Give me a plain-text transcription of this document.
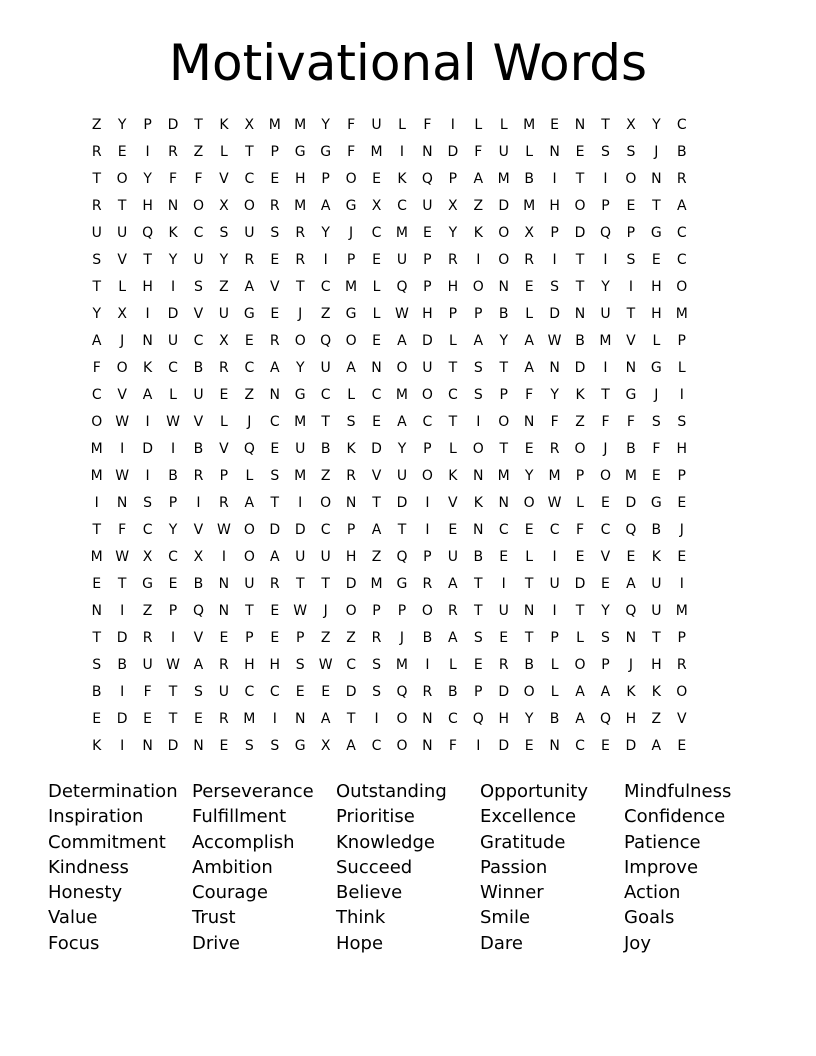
Motivational Words
Z	Y	P	D	T	K	X	M M	Y	F	U	L	F	I	L	L	M	E	N	T	X	Y	C
R	E	I	R	Z	L	T	P	G	G	F	M	I	N	D	F	U	L	N	E	S	S	J	B
T	O	Y	F	F	V	C	E	H	P	O	E	K	Q	P	A	M	B	I	T	I	O	N	R
R	T	H	N	O	X	O	R	M	A	G	X	C	U	X	Z	D	M	H	O	P	E	T	A
U	U	Q	K	C	S	U	S	R	Y	J	C	M	E	Y	K	O	X	P	D	Q	P	G	C
S	V	T	Y	U	Y	R	E	R	I	P	E	U	P	R	I	O	R	I	T	I	S	E	C
T	L	H	I	S	Z	A	V	T	C	M	L	Q	P	H	O	N	E	S	T	Y	I	H	O
Y	X	I	D	V	U	G	E	J	Z	G	L	W H	P	P	B	L	D	N	U	T	H	M
A	J	N	U	C	X	E	R	O	Q	O	E	A	D	L	A	Y	A W B	M	V	L	P
F	O	K	C	B	R	C	A	Y	U	A	N	O	U	T	S	T	A	N	D	I	N	G	L
C	V	A	L	U	E	Z	N	G	C	L	C	M O	C	S	P	F	Y	K	T	G	J	I
O W	I	W V	L	J	C	M	T	S	E	A	C	T	I	O	N	F	Z	F	F	S	S
M	I	D	I	B	V	Q	E	U	B	K	D	Y	P	L	O	T	E	R	O	J	B	F	H
M W	I	B	R	P	L	S	M	Z	R	V	U	O	K	N	M	Y	M	P	O M	E	P
I	N	S	P	I	R	A	T	I	O	N	T	D	I	V	K	N	O W	L	E	D	G	E
T	F	C	Y	V W O	D	D	C	P	A	T	I	E	N	C	E	C	F	C	Q	B	J
M W X	C	X	I	O	A	U	U	H	Z	Q	P	U	B	E	L	I	E	V	E	K	E
E	T	G	E	B	N	U	R	T	T	D	M G	R	A	T	I	T	U	D	E	A	U	I
N	I	Z	P	Q	N	T	E	W	J	O	P	P	O	R	T	U	N	I	T	Y	Q	U	M
T	D	R	I	V	E	P	E	P	Z	Z	R	J	B	A	S	E	T	P	L	S	N	T	P
S	B	U W A	R	H	H	S	W C	S	M	I	L	E	R	B	L	O	P	J	H	R
B	I	F	T	S	U	C	C	E	E	D	S	Q	R	B	P	D	O	L	A	A	K	K	O
E	D	E	T	E	R	M	I	N	A	T	I	O	N	C	Q	H	Y	B	A	Q	H	Z	V
K	I	N	D	N	E	S	S	G	X	A	C	O	N	F	I	D	E	N	C	E	D	A	E
Determination
Inspiration
Commitment
Kindness
Honesty
Value
Focus
Perseverance
Fulfillment
Accomplish
Ambition
Courage
Trust
Drive
Outstanding
Prioritise
Knowledge
Succeed
Believe
Think
Hope
Opportunity
Excellence
Gratitude
Passion
Winner
Smile
Dare
Mindfulness
Confidence
Patience
Improve
Action
Goals
Joy
